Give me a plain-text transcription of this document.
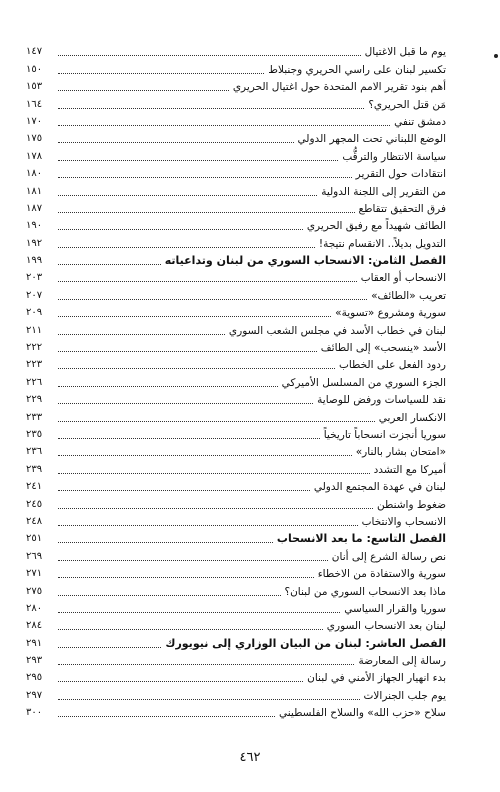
يوم ما قبل الاغتيال
١٤٧
تكسير لبنان على راسي الحريري وجنبلاط
١٥٠
أهم بنود تقرير الامم المتحدة حول اغتيال الحريري
١٥٣
مَن قتل الحريري؟
١٦٤
دمشق تنفي
١٧٠
الوضع اللبناني تحت المجهر الدولي
١٧٥
سياسة الانتظار والترقُّب
١٧٨
انتقادات حول التقرير
١٨٠
من التقرير إلى اللجنة الدولية
١٨١
فرق التحقيق تتقاطع
١٨٧
الطائف شهيداً مع رفيق الحريري
١٩٠
التدويل بديلاً.. الانقسام نتيجة!
١٩٢
الفصل الثامن: الانسحاب السوري من لبنان وتداعياته
١٩٩
الانسحاب أو العقاب
٢٠٣
تعريب «الطائف»
٢٠٧
سورية ومشروع «تسوية»
٢٠٩
لبنان في خطاب الأسد في مجلس الشعب السوري
٢١١
الأسد «ينسحب» إلى الطائف
٢٢٢
ردود الفعل على الخطاب
٢٢٣
الجزء السوري من المسلسل الأميركي
٢٢٦
نقد للسياسات ورفض للوصاية
٢٢٩
الانكسار العربي
٢٣٣
سوريا أنجزت انسحاباً تاريخياً
٢٣٥
«امتحان بشار بالنار»
٢٣٦
أميركا مع التشدد
٢٣٩
لبنان في عهدة المجتمع الدولي
٢٤١
ضغوط واشنطن
٢٤٥
الانسحاب والانتخاب
٢٤٨
الفصل التاسع: ما بعد الانسحاب
٢٥١
نص رسالة الشرع إلى أنان
٢٦٩
سورية والاستفادة من الاخطاء
٢٧١
ماذا بعد الانسحاب السوري من لبنان؟
٢٧٥
سوريا والقرار السياسي
٢٨٠
لبنان بعد الانسحاب السوري
٢٨٤
الفصل العاشر: لبنان من البيان الوزاري إلى نيويورك
٢٩١
رسالة إلى المعارضة
٢٩٣
بدء انهيار الجهاز الأمني في لبنان
٢٩٥
يوم جلب الجنرالات
٢٩٧
سلاح «حزب الله» والسلاح الفلسطيني
٣٠٠
٤٦٢
